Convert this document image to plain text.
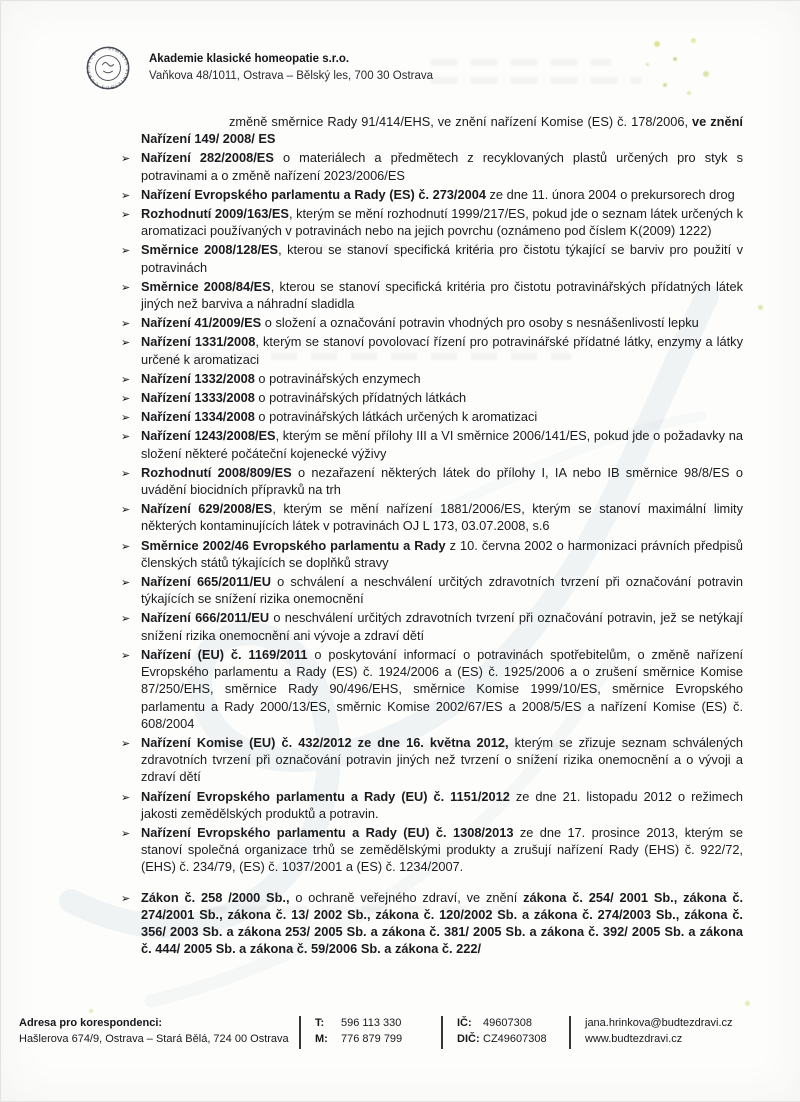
SIMILIA SIMILIBUS CURENTUR	Akademie klasické homeopatie s.r.o.
Vaňkova 48/1011, Ostrava – Bělský les, 700 30 Ostrava
změně směrnice Rady 91/414/EHS, ve znění nařízení Komise (ES) č. 178/2006, ve znění Nařízení 149/ 2008/ ES
➢ Nařízení 282/2008/ES o materiálech a předmětech z recyklovaných plastů určených pro styk s potravinami a o změně nařízení 2023/2006/ES
➢ Nařízení Evropského parlamentu a Rady (ES) č. 273/2004 ze dne 11. února 2004 o prekursorech drog
➢ Rozhodnutí 2009/163/ES, kterým se mění rozhodnutí 1999/217/ES, pokud jde o seznam látek určených k aromatizaci používaných v potravinách nebo na jejich povrchu (oznámeno pod číslem K(2009) 1222)
➢ Směrnice 2008/128/ES, kterou se stanoví specifická kritéria pro čistotu týkající se barviv pro použití v potravinách
➢ Směrnice 2008/84/ES, kterou se stanoví specifická kritéria pro čistotu potravinářských přídatných látek jiných než barviva a náhradní sladidla
➢ Nařízení 41/2009/ES o složení a označování potravin vhodných pro osoby s nesnášenlivostí lepku
➢ Nařízení 1331/2008, kterým se stanoví povolovací řízení pro potravinářské přídatné látky, enzymy a látky určené k aromatizaci
➢ Nařízení 1332/2008 o potravinářských enzymech
➢ Nařízení 1333/2008 o potravinářských přídatných látkách
➢ Nařízení 1334/2008 o potravinářských látkách určených k aromatizaci
➢ Nařízení 1243/2008/ES, kterým se mění přílohy III a VI směrnice 2006/141/ES, pokud jde o požadavky na složení některé počáteční kojenecké výživy
➢ Rozhodnutí 2008/809/ES o nezařazení některých látek do přílohy I, IA nebo IB směrnice 98/8/ES o uvádění biocidních přípravků na trh
➢ Nařízení 629/2008/ES, kterým se mění nařízení 1881/2006/ES, kterým se stanoví maximální limity některých kontaminujících látek v potravinách OJ L 173, 03.07.2008, s.6
➢ Směrnice 2002/46 Evropského parlamentu a Rady z 10. června 2002 o harmonizaci právních předpisů členských států týkajících se doplňků stravy
➢ Nařízení 665/2011/EU o schválení a neschválení určitých zdravotních tvrzení při označování potravin týkajících se snížení rizika onemocnění
➢ Nařízení 666/2011/EU o neschválení určitých zdravotních tvrzení při označování potravin, jež se netýkají snížení rizika onemocnění ani vývoje a zdraví dětí
➢ Nařízení (EU) č. 1169/2011 o poskytování informací o potravinách spotřebitelům, o změně nařízení Evropského parlamentu a Rady (ES) č. 1924/2006 a (ES) č. 1925/2006 a o zrušení směrnice Komise 87/250/EHS, směrnice Rady 90/496/EHS, směrnice Komise 1999/10/ES, směrnice Evropského parlamentu a Rady 2000/13/ES, směrnic Komise 2002/67/ES a 2008/5/ES a nařízení Komise (ES) č. 608/2004
➢ Nařízení Komise (EU) č. 432/2012 ze dne 16. května 2012, kterým se zřizuje seznam schválených zdravotních tvrzení při označování potravin jiných než tvrzení o snížení rizika onemocnění a o vývoji a zdraví dětí
➢ Nařízení Evropského parlamentu a Rady (EU) č. 1151/2012 ze dne 21. listopadu 2012 o režimech jakosti zemědělských produktů a potravin.
➢ Nařízení Evropského parlamentu a Rady (EU) č. 1308/2013 ze dne 17. prosince 2013, kterým se stanoví společná organizace trhů se zemědělskými produkty a zrušují nařízení Rady (EHS) č. 922/72, (EHS) č. 234/79, (ES) č. 1037/2001 a (ES) č. 1234/2007.
➢ Zákon č. 258 /2000 Sb., o ochraně veřejného zdraví, ve znění zákona č. 254/ 2001 Sb., zákona č. 274/2001 Sb., zákona č. 13/ 2002 Sb., zákona č. 120/2002 Sb. a zákona č. 274/2003 Sb., zákona č. 356/ 2003 Sb. a zákona 253/ 2005 Sb. a zákona č. 381/ 2005 Sb. a zákona č. 392/ 2005 Sb. a zákona č. 444/ 2005 Sb. a zákona č. 59/2006 Sb. a zákona č. 222/
Adresa pro korespondenci:
Hašlerova 674/9, Ostrava – Stará Bělá, 724 00 Ostrava
T:	596 113 330
M:	776 879 799
IČ:	49607308
DIČ: CZ49607308
jana.hrinkova@budtezdravi.cz
www.budtezdravi.cz
